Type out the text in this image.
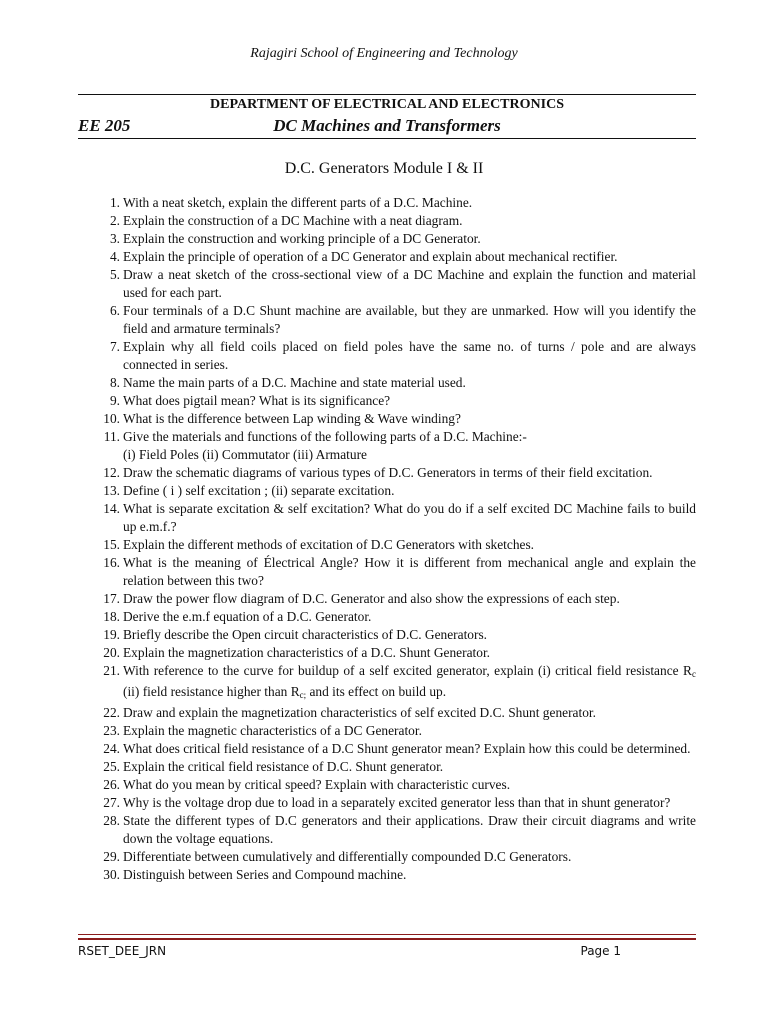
Rajagiri School of Engineering and Technology
DEPARTMENT OF ELECTRICAL AND ELECTRONICS
EE 205	DC Machines and Transformers
D.C. Generators Module I & II
1. With a neat sketch, explain the different parts of a D.C. Machine.
2. Explain the construction of a DC Machine with a neat diagram.
3. Explain the construction and working principle of a DC Generator.
4. Explain the principle of operation of a DC Generator and explain about mechanical rectifier.
5. Draw a neat sketch of the cross-sectional view of a DC Machine and explain the function and material used for each part.
6. Four terminals of a D.C Shunt machine are available, but they are unmarked. How will you identify the field and armature terminals?
7. Explain why all field coils placed on field poles have the same no. of turns / pole and are always connected in series.
8. Name the main parts of a D.C. Machine and state material used.
9. What does pigtail mean? What is its significance?
10. What is the difference between Lap winding & Wave winding?
11. Give the materials and functions of the following parts of a D.C. Machine:-
(i) Field Poles (ii) Commutator (iii) Armature
12. Draw the schematic diagrams of various types of D.C. Generators in terms of their field excitation.
13. Define ( i ) self excitation ; (ii) separate excitation.
14. What is separate excitation & self excitation? What do you do if a self excited DC Machine fails to build up e.m.f.?
15. Explain the different methods of excitation of D.C Generators with sketches.
16. What is the meaning of Électrical Angle? How it is different from mechanical angle and explain the relation between this two?
17. Draw the power flow diagram of D.C. Generator and also show the expressions of each step.
18. Derive the e.m.f equation of a D.C. Generator.
19. Briefly describe the Open circuit characteristics of D.C. Generators.
20. Explain the magnetization characteristics of a D.C. Shunt Generator.
21. With reference to the curve for buildup of a self excited generator, explain (i) critical field resistance $R_c$ (ii) field resistance higher than $R_{c;}$ and its effect on build up.
22. Draw and explain the magnetization characteristics of self excited D.C. Shunt generator.
23. Explain the magnetic characteristics of a DC Generator.
24. What does critical field resistance of a D.C Shunt generator mean? Explain how this could be determined.
25. Explain the critical field resistance of D.C. Shunt generator.
26. What do you mean by critical speed? Explain with characteristic curves.
27. Why is the voltage drop due to load in a separately excited generator less than that in shunt generator?
28. State the different types of D.C generators and their applications. Draw their circuit diagrams and write down the voltage equations.
29. Differentiate between cumulatively and differentially compounded D.C Generators.
30. Distinguish between Series and Compound machine.
RSET_DEE_JRN	Page 1
